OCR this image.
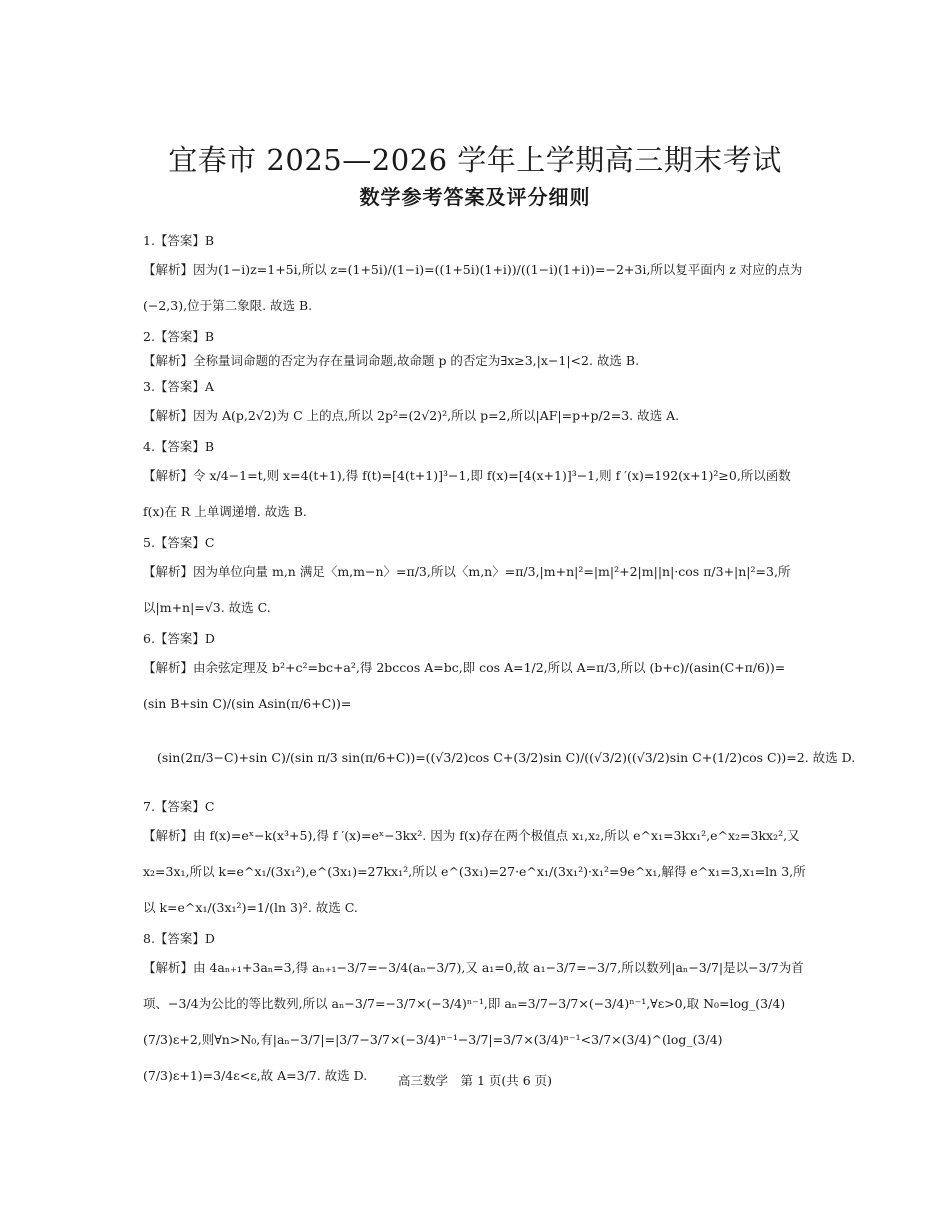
宜春市 2025—2026 学年上学期高三期末考试
数学参考答案及评分细则
1.【答案】B
【解析】因为(1−i)z=1+5i,所以 z=(1+5i)/(1−i)=((1+5i)(1+i))/((1−i)(1+i))=−2+3i,所以复平面内 z 对应的点为(−2,3),位于第二象限. 故选 B.
2.【答案】B
【解析】全称量词命题的否定为存在量词命题,故命题 p 的否定为∃x≥3,|x−1|<2. 故选 B.
3.【答案】A
【解析】因为 A(p,2√2)为 C 上的点,所以 2p²=(2√2)²,所以 p=2,所以|AF|=p+p/2=3. 故选 A.
4.【答案】B
【解析】令 x/4−1=t,则 x=4(t+1),得 f(t)=[4(t+1)]³−1,即 f(x)=[4(x+1)]³−1,则 f ′(x)=192(x+1)²≥0,所以函数 f(x)在 R 上单调递增. 故选 B.
5.【答案】C
【解析】因为单位向量 m,n 满足〈m,m−n〉=π/3,所以〈m,n〉=π/3,|m+n|²=|m|²+2|m||n|·cos π/3+|n|²=3,所以|m+n|=√3. 故选 C.
6.【答案】D
【解析】由余弦定理及 b²+c²=bc+a²,得 2bccos A=bc,即 cos A=1/2,所以 A=π/3,所以 (b+c)/(asin(C+π/6))=(sin B+sin C)/(sin Asin(π/6+C))=
(sin(2π/3−C)+sin C)/(sin π/3 sin(π/6+C))=((√3/2)cos C+(3/2)sin C)/((√3/2)((√3/2)sin C+(1/2)cos C))=2. 故选 D.
7.【答案】C
【解析】由 f(x)=eˣ−k(x³+5),得 f ′(x)=eˣ−3kx². 因为 f(x)存在两个极值点 x₁,x₂,所以 e^x₁=3kx₁²,e^x₂=3kx₂²,又 x₂=3x₁,所以 k=e^x₁/(3x₁²),e^(3x₁)=27kx₁²,所以 e^(3x₁)=27·e^x₁/(3x₁²)·x₁²=9e^x₁,解得 e^x₁=3,x₁=ln 3,所以 k=e^x₁/(3x₁²)=1/(ln 3)². 故选 C.
8.【答案】D
【解析】由 4aₙ₊₁+3aₙ=3,得 aₙ₊₁−3/7=−3/4(aₙ−3/7),又 a₁=0,故 a₁−3/7=−3/7,所以数列|aₙ−3/7|是以−3/7为首项、−3/4为公比的等比数列,所以 aₙ−3/7=−3/7×(−3/4)ⁿ⁻¹,即 aₙ=3/7−3/7×(−3/4)ⁿ⁻¹,∀ε>0,取 N₀=log_(3/4)(7/3)ε+2,则∀n>N₀,有|aₙ−3/7|=|3/7−3/7×(−3/4)ⁿ⁻¹−3/7|=3/7×(3/4)ⁿ⁻¹<3/7×(3/4)^(log_(3/4)(7/3)ε+1)=3/4ε<ε,故 A=3/7. 故选 D.	高三数学　第 1 页(共 6 页)
